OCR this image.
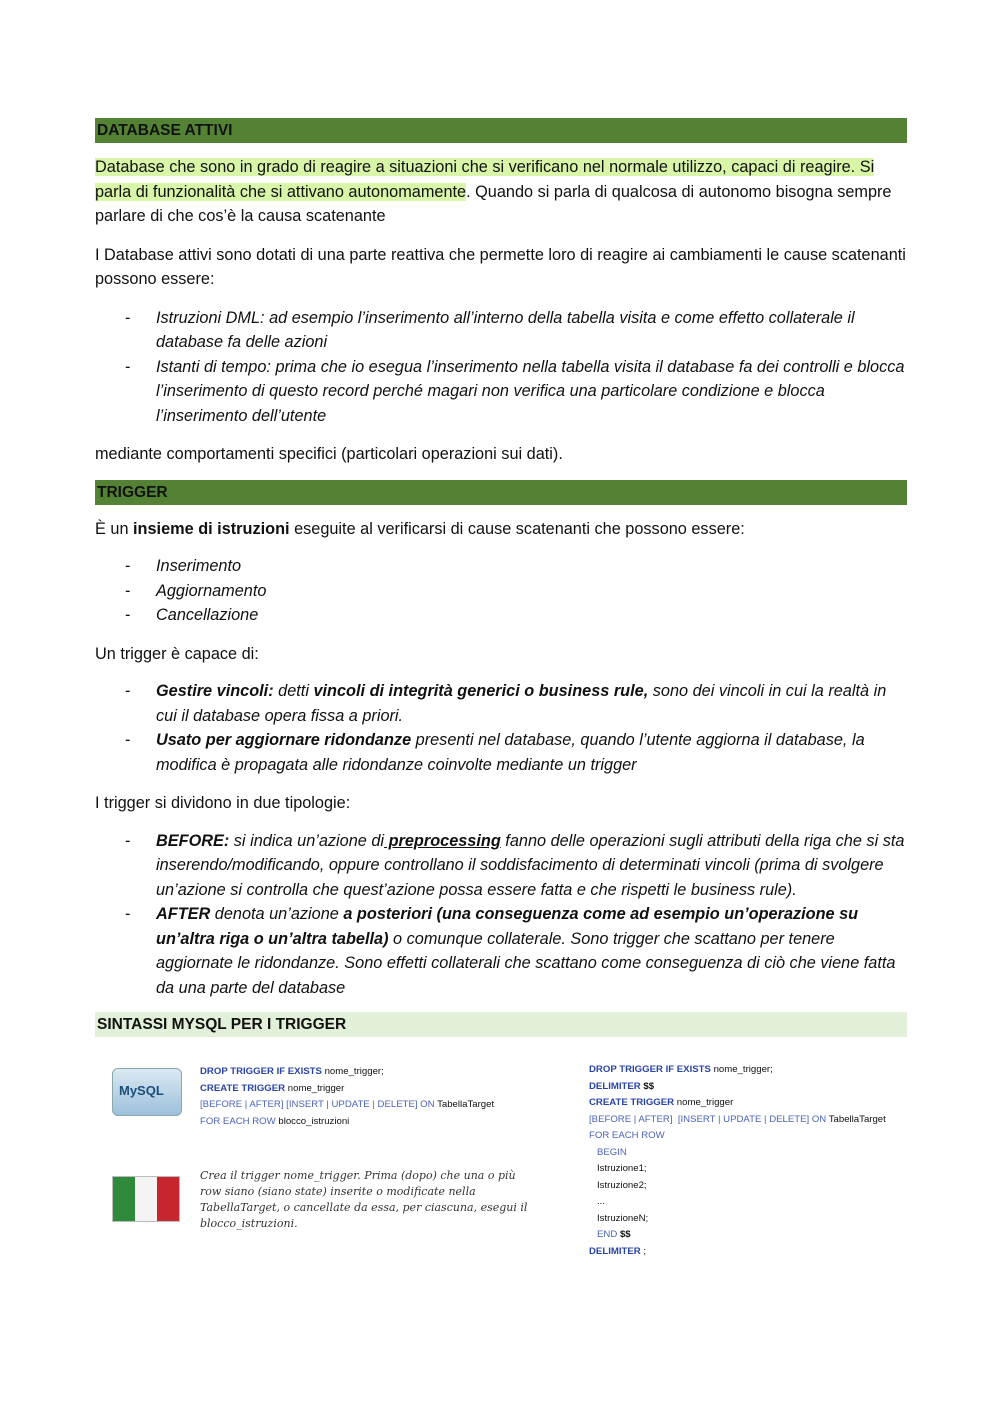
DATABASE ATTIVI

Database che sono in grado di reagire a situazioni che si verificano nel normale utilizzo, capaci di reagire. Si parla di funzionalità che si attivano autonomamente. Quando si parla di qualcosa di autonomo bisogna sempre parlare di che cos’è la causa scatenante

I Database attivi sono dotati di una parte reattiva che permette loro di reagire ai cambiamenti le cause scatenanti possono essere:

- Istruzioni DML: ad esempio l’inserimento all’interno della tabella visita e come effetto collaterale il database fa delle azioni
- Istanti di tempo: prima che io esegua l’inserimento nella tabella visita il database fa dei controlli e blocca l’inserimento di questo record perché magari non verifica una particolare condizione e blocca l’inserimento dell’utente

mediante comportamenti specifici (particolari operazioni sui dati).

TRIGGER

È un insieme di istruzioni eseguite al verificarsi di cause scatenanti che possono essere:

- Inserimento
- Aggiornamento
- Cancellazione

Un trigger è capace di:

- Gestire vincoli: detti vincoli di integrità generici o business rule, sono dei vincoli in cui la realtà in cui il database opera fissa a priori.
- Usato per aggiornare ridondanze presenti nel database, quando l’utente aggiorna il database, la modifica è propagata alle ridondanze coinvolte mediante un trigger

I trigger si dividono in due tipologie:

- BEFORE: si indica un’azione di preprocessing fanno delle operazioni sugli attributi della riga che si sta inserendo/modificando, oppure controllano il soddisfacimento di determinati vincoli (prima di svolgere un’azione si controlla che quest’azione possa essere fatta e che rispetti le business rule).
- AFTER denota un’azione a posteriori (una conseguenza come ad esempio un’operazione su un’altra riga o un’altra tabella) o comunque collaterale. Sono trigger che scattano per tenere aggiornate le ridondanze. Sono effetti collaterali che scattano come conseguenza di ciò che viene fatta da una parte del database
SINTASSI MYSQL PER I TRIGGER
MySQL
DROP TRIGGER IF EXISTS nome_trigger;
CREATE TRIGGER nome_trigger
[BEFORE | AFTER] [INSERT | UPDATE | DELETE] ON TabellaTarget
FOR EACH ROW blocco_istruzioni
Crea il trigger nome_trigger. Prima (dopo) che una o più row siano (siano state) inserite o modificate nella TabellaTarget, o cancellate da essa, per ciascuna, esegui il blocco_istruzioni.
DROP TRIGGER IF EXISTS nome_trigger;
DELIMITER $$
CREATE TRIGGER nome_trigger
[BEFORE | AFTER]  [INSERT | UPDATE | DELETE] ON TabellaTarget
FOR EACH ROW
BEGIN
Istruzione1;
Istruzione2;
...
IstruzioneN;
END $$
DELIMITER ;
